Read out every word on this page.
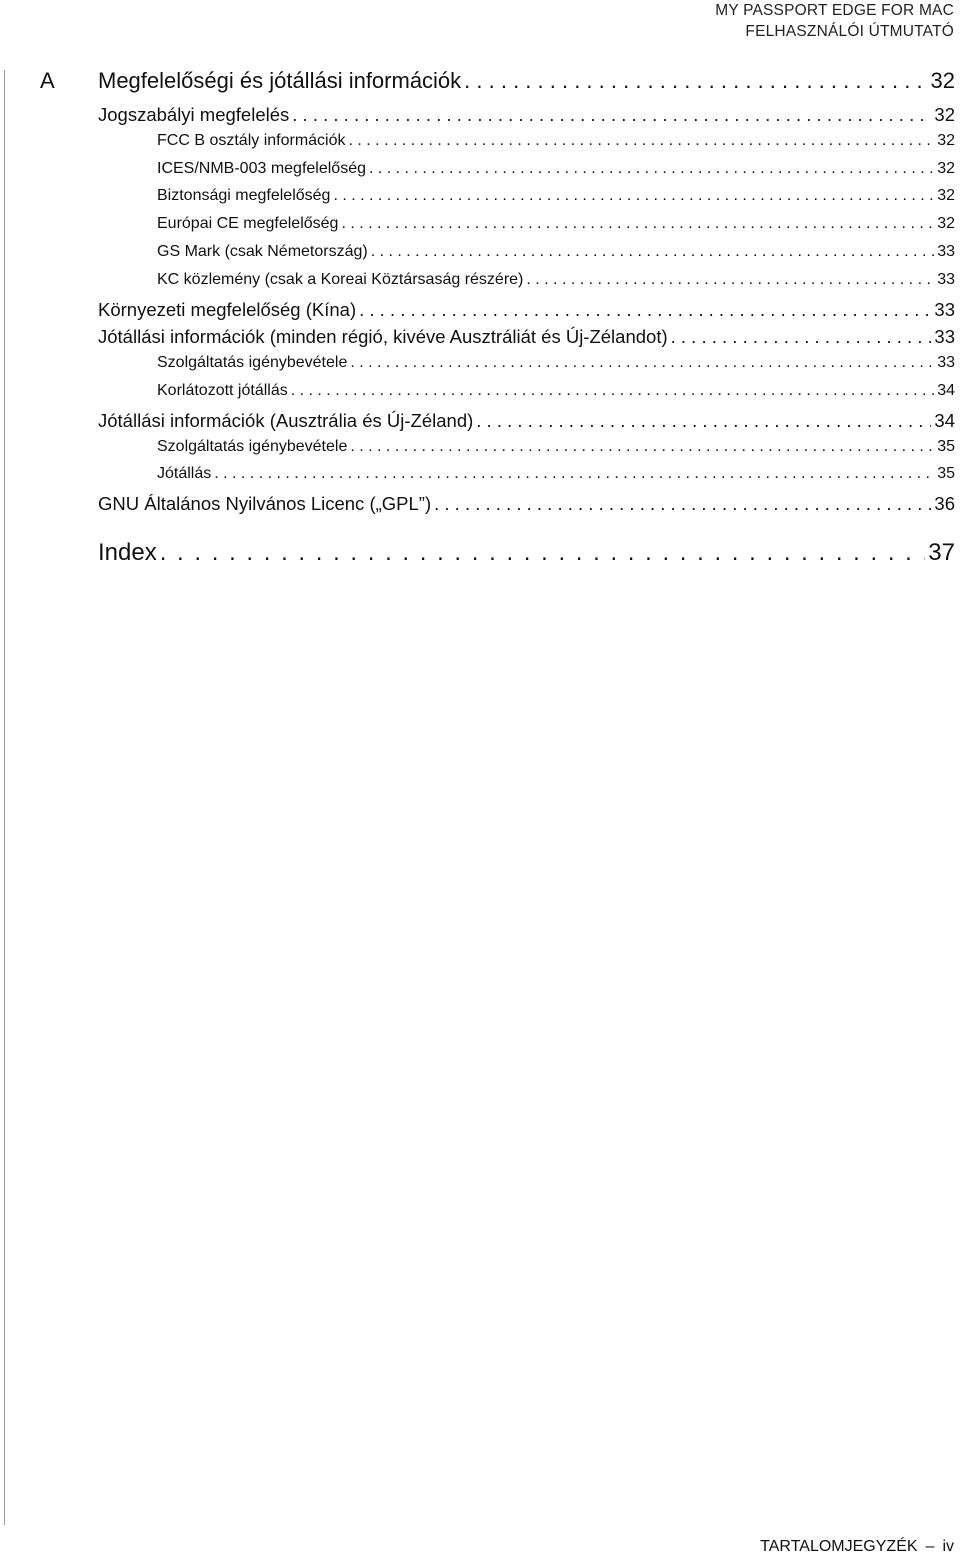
MY PASSPORT EDGE FOR MAC
FELHASZNÁLÓI ÚTMUTATÓ
A Megfelelőségi és jótállási információk . . .	32
Jogszabályi megfelelés . . .	32
FCC B osztály információk . . .	32
ICES/NMB-003 megfelelőség . . .	32
Biztonsági megfelelőség . . .	32
Európai CE megfelelőség . . .	32
GS Mark (csak Németország) . . .	33
KC közlemény (csak a Koreai Köztársaság részére) . . .	33
Környezeti megfelelőség (Kína) . . .	33
Jótállási információk (minden régió, kivéve Ausztráliát és Új-Zélandot) . . .	33
Szolgáltatás igénybevétele . . .	33
Korlátozott jótállás . . .	34
Jótállási információk (Ausztrália és Új-Zéland) . . .	34
Szolgáltatás igénybevétele . . .	35
Jótállás . . .	35
GNU Általános Nyilvános Licenc („GPL”) . . .	36
Index . . .	37
TARTALOMJEGYZÉK – iv
